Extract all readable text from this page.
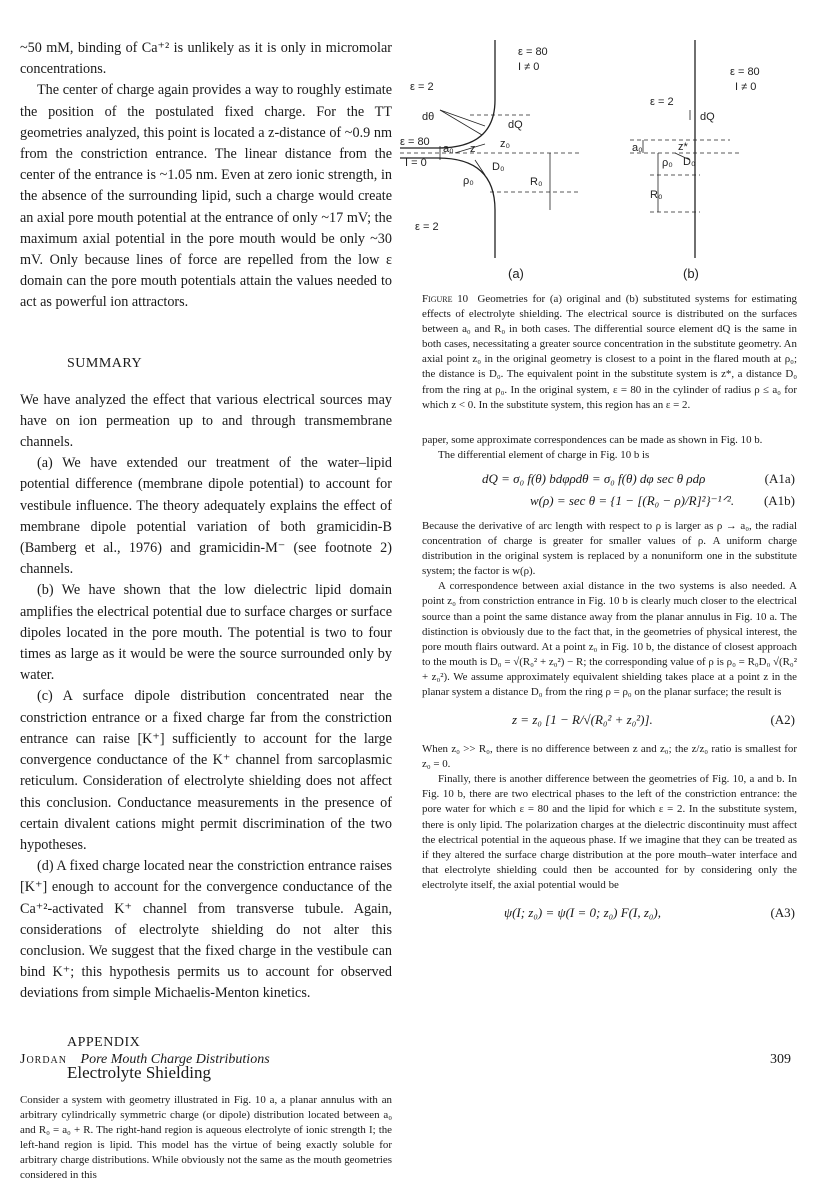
~50 mM, binding of Ca⁺² is unlikely as it is only in micromolar concentrations.

The center of charge again provides a way to roughly estimate the position of the postulated fixed charge. For the TT geometries analyzed, this point is located a z-distance of ~0.9 nm from the constriction entrance. The linear distance from the center of the entrance is ~1.05 nm. Even at zero ionic strength, in the absence of the surrounding lipid, such a charge would create an axial pore mouth potential at the entrance of only ~17 mV; the maximum axial potential in the pore mouth would be only ~30 mV. Only because lines of force are repelled from the low ε domain can the pore mouth potentials attain the values needed to act as powerful ion attractors.

SUMMARY

We have analyzed the effect that various electrical sources may have on ion permeation up to and through transmembrane channels.

(a) We have extended our treatment of the water–lipid potential difference (membrane dipole potential) to account for vestibule influence. The theory adequately explains the effect of membrane dipole potential variation of both gramicidin-B (Bamberg et al., 1976) and gramicidin-M⁻ (see footnote 2) channels.

(b) We have shown that the low dielectric lipid domain amplifies the electrical potential due to surface charges or surface dipoles located in the pore mouth. The potential is two to four times as large as it would be were the source surrounded only by water.

(c) A surface dipole distribution concentrated near the constriction entrance or a fixed charge far from the constriction entrance can raise [K⁺] sufficiently to account for the large convergence conductance of the K⁺ channel from sarcoplasmic reticulum. Consideration of electrolyte shielding does not affect this conclusion. Conductance measurements in the presence of certain divalent cations might permit discrimination of the two hypotheses.

(d) A fixed charge located near the constriction entrance raises [K⁺] enough to account for the convergence conductance of the Ca⁺²-activated K⁺ channel from transverse tubule. Again, considerations of electrolyte shielding do not alter this conclusion. We suggest that the fixed charge in the vestibule can bind K⁺; this hypothesis permits us to account for observed deviations from simple Michaelis-Menton kinetics.

APPENDIX

Electrolyte Shielding

Consider a system with geometry illustrated in Fig. 10 a, a planar annulus with an arbitrary cylindrically symmetric charge (or dipole) distribution located between a₀ and R₀ = a₀ + R. The right-hand region is aqueous electrolyte of ionic strength I; the left-hand region is lipid. This model has the virtue of being exactly soluble for arbitrary charge distributions. While obviously not the same as the mouth geometries considered in this

ε = 80
I ≠ 0
ε = 2
dθ
dQ
ε = 80
I = 0
a₀ z z₀
D₀
ρ₀	R₀
ε = 2
(a)
ε = 80
I ≠ 0
ε = 2
dQ
z*
a₀
ρ₀ D₀
R₀
(b)

Figure 10 Geometries for (a) original and (b) substituted systems for estimating effects of electrolyte shielding. The electrical source is distributed on the surfaces between a₀ and R₀ in both cases. The differential source element dQ is the same in both cases, necessitating a greater source concentration in the substitute geometry. An axial point z₀ in the original geometry is closest to a point in the flared mouth at ρ₀; the distance is D₀. The equivalent point in the substitute system is z*, a distance D₀ from the ring at ρ₀. In the original system, ε = 80 in the cylinder of radius ρ ≤ a₀ for which z < 0. In the substitute system, this region has an ε = 2.

paper, some approximate correspondences can be made as shown in Fig. 10 b.

The differential element of charge in Fig. 10 b is

dQ = σ₀ f(θ) bdφρdθ = σ₀ f(θ) dφ sec θ ρdρ	(A1a)
w(ρ) = sec θ = {1 − [(R₀ − ρ)/R]²}⁻¹ᐟ². (A1b)

Because the derivative of arc length with respect to ρ is larger as ρ → a₀, the radial concentration of charge is greater for smaller values of ρ. A uniform charge distribution in the original system is replaced by a nonuniform one in the substitute system; the factor is w(ρ).

A correspondence between axial distance in the two systems is also needed. A point z₀ from constriction entrance in Fig. 10 b is clearly much closer to the electrical source than a point the same distance away from the planar annulus in Fig. 10 a. The distinction is obviously due to the fact that, in the geometries of physical interest, the pore mouth flairs outward. At a point z₀ in Fig. 10 b, the distance of closest approach to the mouth is D₀ = √(R₀² + z₀²) − R; the corresponding value of ρ is ρ₀ = R₀D₀ √(R₀² + z₀²). We assume approximately equivalent shielding takes place at a point z in the planar system a distance D₀ from the ring ρ = ρ₀ on the planar surface; the result is

z = z₀ [1 − R/√(R₀² + z₀²)].	(A2)

When z₀ >> R₀, there is no difference between z and z₀; the z/z₀ ratio is smallest for z₀ = 0.

Finally, there is another difference between the geometries of Fig. 10, a and b. In Fig. 10 b, there are two electrical phases to the left of the constriction entrance: the pore water for which ε = 80 and the lipid for which ε = 2. In the substitute system, there is only lipid. The polarization charges at the dielectric discontinuity must affect the electrical potential in the aqueous phase. If we imagine that they can be treated as if they altered the surface charge distribution at the pore mouth–water interface and that electrolyte shielding could then be accounted for by considering only the electrolyte itself, the axial potential would be

ψ(I; z₀) = ψ(I = 0; z₀) F(I, z₀),	(A3)
Jordan Pore Mouth Charge Distributions	309
